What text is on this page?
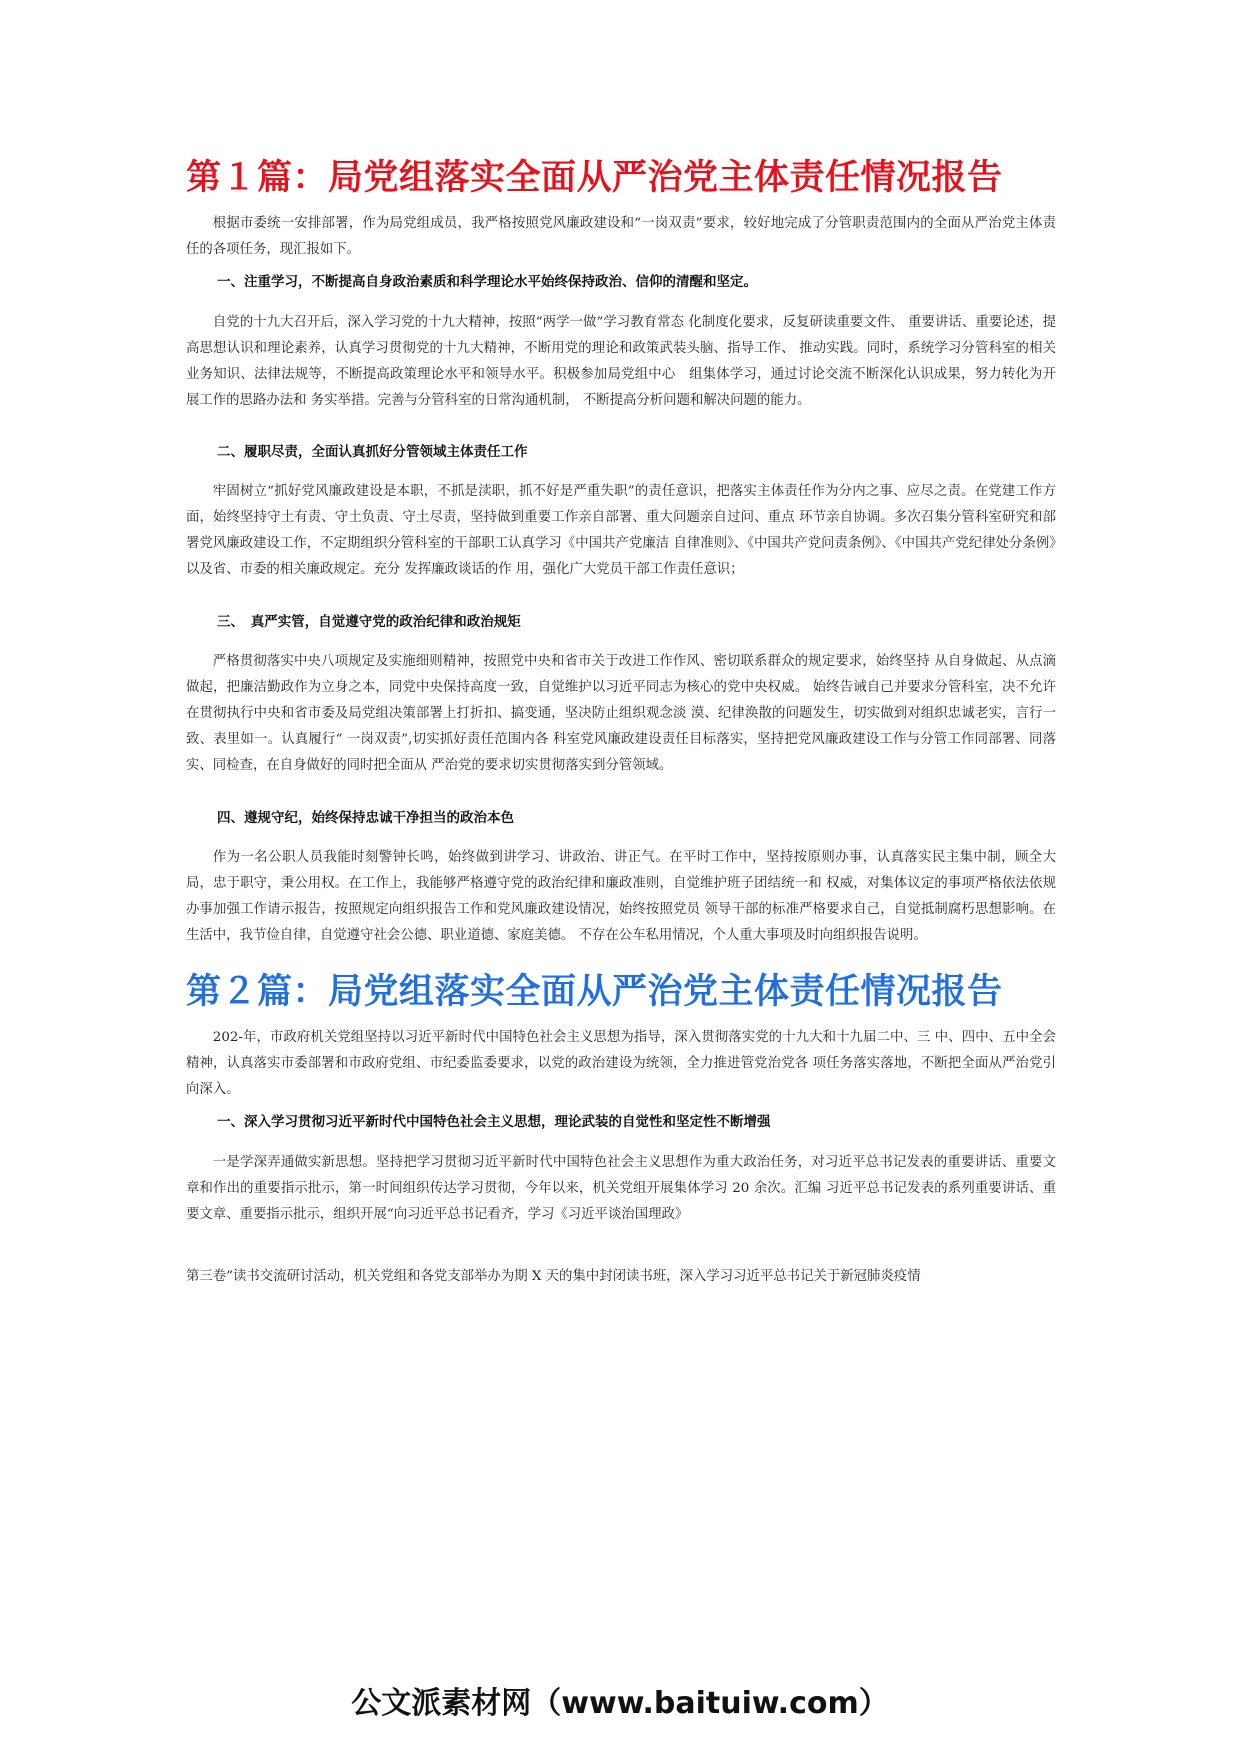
第１篇：局党组落实全面从严治党主体责任情况报告

根据市委统一安排部署，作为局党组成员，我严格按照党风廉政建设和“一岗双责”要求，较好地完成了分管职责范围内的全面从严治党主体责任的各项任务，现汇报如下。

一、注重学习，不断提高自身政治素质和科学理论水平始终保持政治、信仰的清醒和坚定。

自党的十九大召开后，深入学习党的十九大精神，按照“两学一做”学习教育常态 化制度化要求，反复研读重要文件、 重要讲话、重要论述，提高思想认识和理论素养，认真学习贯彻党的十九大精神，不断用党的理论和政策武装头脑、指导工作、 推动实践。同时，系统学习分管科室的相关业务知识、法律法规等，不断提高政策理论水平和领导水平。积极参加局党组中心　组集体学习，通过讨论交流不断深化认识成果，努力转化为开展工作的思路办法和 务实举措。完善与分管科室的日常沟通机制， 不断提高分析问题和解决问题的能力。

二、履职尽责，全面认真抓好分管领域主体责任工作

牢固树立“抓好党风廉政建设是本职，不抓是渎职，抓不好是严重失职”的责任意识，把落实主体责任作为分内之事、应尽之责。在党建工作方面，始终坚持守土有责、守土负责、守土尽责，坚持做到重要工作亲自部署、重大问题亲自过问、重点 环节亲自协调。多次召集分管科室研究和部署党风廉政建设工作，不定期组织分管科室的干部职工认真学习《中国共产党廉洁 自律准则》、《中国共产党问责条例》、《中国共产党纪律处分条例》以及省、市委的相关廉政规定。充分 发挥廉政谈话的作 用，强化广大党员干部工作责任意识；

三、　真严实管，自觉遵守党的政治纪律和政治规矩

严格贯彻落实中央八项规定及实施细则精神，按照党中央和省市关于改进工作作风、密切联系群众的规定要求，始终坚持 从自身做起、从点滴做起，把廉洁勤政作为立身之本，同党中央保持高度一致，自觉维护以习近平同志为核心的党中央权威。 始终告诫自己并要求分管科室，决不允许在贯彻执行中央和省市委及局党组决策部署上打折扣、搞变通，坚决防止组织观念淡 漠、纪律涣散的问题发生，切实做到对组织忠诚老实，言行一致、表里如一。认真履行“ 一岗双责”,切实抓好责任范围内各 科室党风廉政建设责任目标落实，坚持把党风廉政建设工作与分管工作同部署、同落实、同检查，在自身做好的同时把全面从 严治党的要求切实贯彻落实到分管领域。

四、遵规守纪，始终保持忠诚干净担当的政治本色

作为一名公职人员我能时刻警钟长鸣，始终做到讲学习、讲政治、讲正气。在平时工作中，坚持按原则办事，认真落实民主集中制，顾全大局，忠于职守，秉公用权。在工作上，我能够严格遵守党的政治纪律和廉政准则，自觉维护班子团结统一和 权威，对集体议定的事项严格依法依规办事加强工作请示报告，按照规定向组织报告工作和党风廉政建设情况，始终按照党员 领导干部的标准严格要求自己，自觉抵制腐朽思想影响。在生活中，我节俭自律，自觉遵守社会公德、职业道德、家庭美德。 不存在公车私用情况，个人重大事项及时向组织报告说明。

第２篇：局党组落实全面从严治党主体责任情况报告

202-年，市政府机关党组坚持以习近平新时代中国特色社会主义思想为指导，深入贯彻落实党的十九大和十九届二中、三 中、四中、五中全会精神，认真落实市委部署和市政府党组、市纪委监委要求，以党的政治建设为统领，全力推进管党治党各 项任务落实落地，不断把全面从严治党引向深入。

一、深入学习贯彻习近平新时代中国特色社会主义思想，理论武装的自觉性和坚定性不断增强

一是学深弄通做实新思想。坚持把学习贯彻习近平新时代中国特色社会主义思想作为重大政治任务，对习近平总书记发表的重要讲话、重要文章和作出的重要指示批示，第一时间组织传达学习贯彻，今年以来，机关党组开展集体学习 20 余次。汇编 习近平总书记发表的系列重要讲话、重要文章、重要指示批示，组织开展“向习近平总书记看齐，学习《习近平谈治国理政》

第三卷”读书交流研讨活动，机关党组和各党支部举办为期 X 天的集中封闭读书班，深入学习习近平总书记关于新冠肺炎疫情

公文派素材网（www.baituiw.com）
